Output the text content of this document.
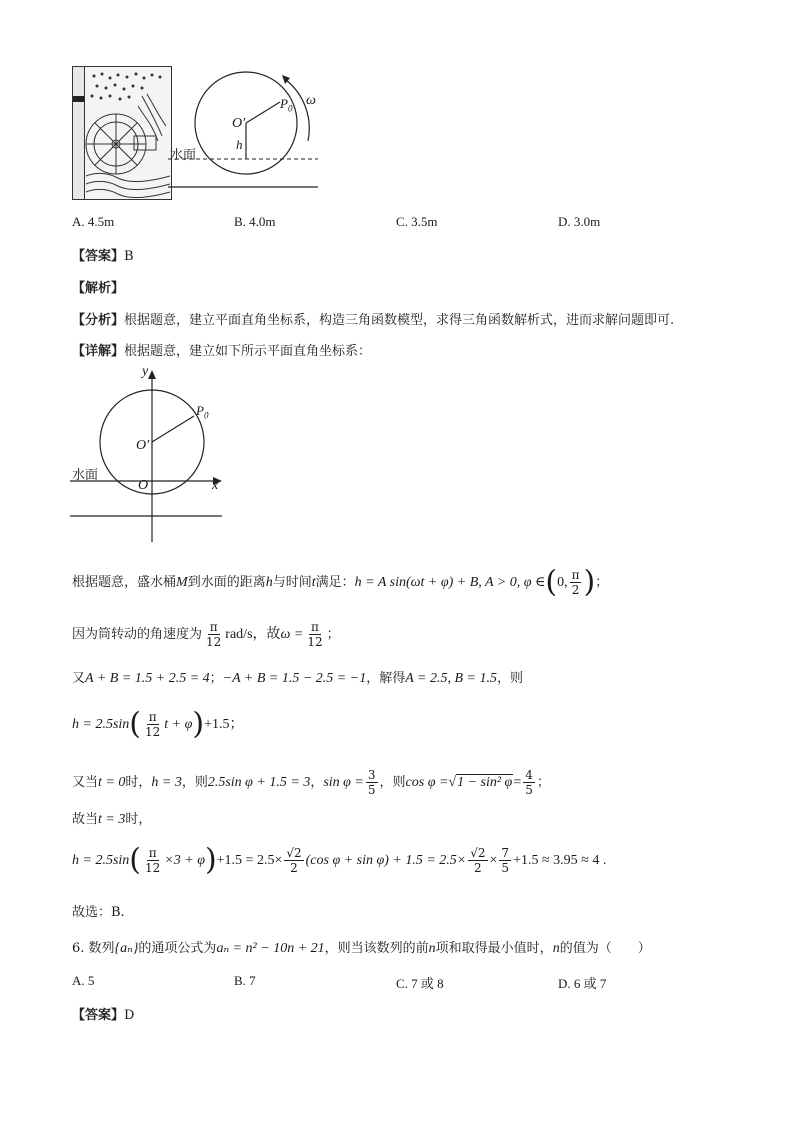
O′
$P_0$
ω
h
水面
A. 4.5m	B. 4.0m	C. 3.5m	D. 3.0m
【答案】B
【解析】
【分析】根据题意，建立平面直角坐标系，构造三角函数模型，求得三角函数解析式，进而求解问题即可.
【详解】根据题意，建立如下所示平面直角坐标系：
y
x
O
O′
$P_0$
水面
根据题意，盛水桶M到水面的距离h与时间t满足：h = A sin(ωt + φ) + B, A > 0, φ ∈(0, $\frac{\pi}{2}$ )；
因为筒转动的角速度为 $\frac{\pi}{12} rad/s$，故$\omega = \frac{\pi}{12}$ ；
又A + B = 1.5 + 2.5 = 4；−A + B = 1.5 − 2.5 = −1，解得A = 2.5, B = 1.5，则
$h = 2.5\sin( \frac{\pi}{12}$ t + φ)+1.5；
又当t = 0时，h = 3，则2.5sin φ + 1.5 = 3，$\sin \varphi = \frac{3}{5}$ ，则cos φ =√1 − sin² $\varphi= \frac{4}{5}$ ；
故当t = 3时，
$h = 2.5\sin( \frac{\pi}{12} \times 3 + \varphi)+1.5 = 2.5\times \frac{√2}{2} (\cos$ $\varphi + \sin \varphi) + 1.5 = 2.5\times \frac{√2}{2} \times \frac{7}{5} +1.5 \approx 3.95 \approx 4$ .
故选：B.
6. 数列{aₙ}的通项公式为aₙ = n² − 10n + 21，则当该数列的前n项和取得最小值时，n的值为（　　）
A. 5	B. 7	C. 7 或 8	D. 6 或 7
【答案】D
